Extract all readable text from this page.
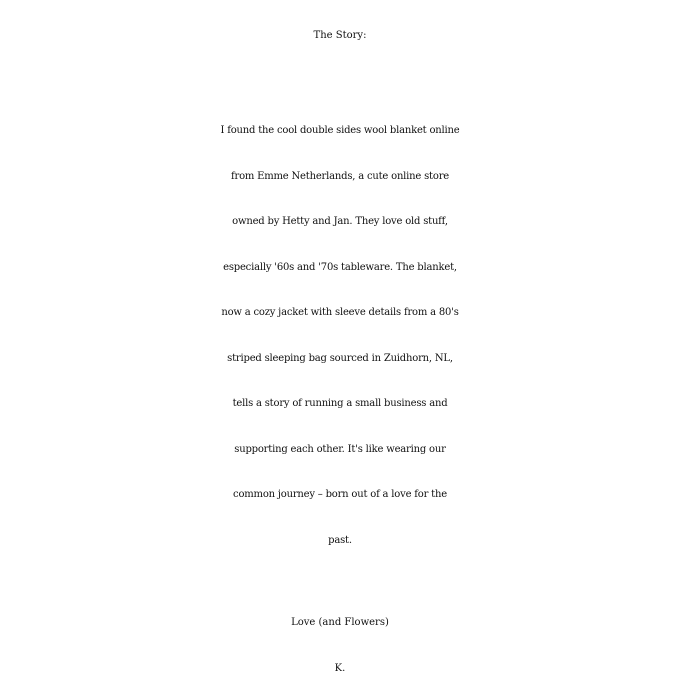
The Story:
I found the cool double sides wool blanket online
from Emme Netherlands, a cute online store
owned by Hetty and Jan. They love old stuff,
especially '60s and '70s tableware. The blanket,
now a cozy jacket with sleeve details from a 80's
striped sleeping bag sourced in Zuidhorn, NL,
tells a story of running a small business and
supporting each other. It's like wearing our
common journey – born out of a love for the
past.
Love (and Flowers)
K.
